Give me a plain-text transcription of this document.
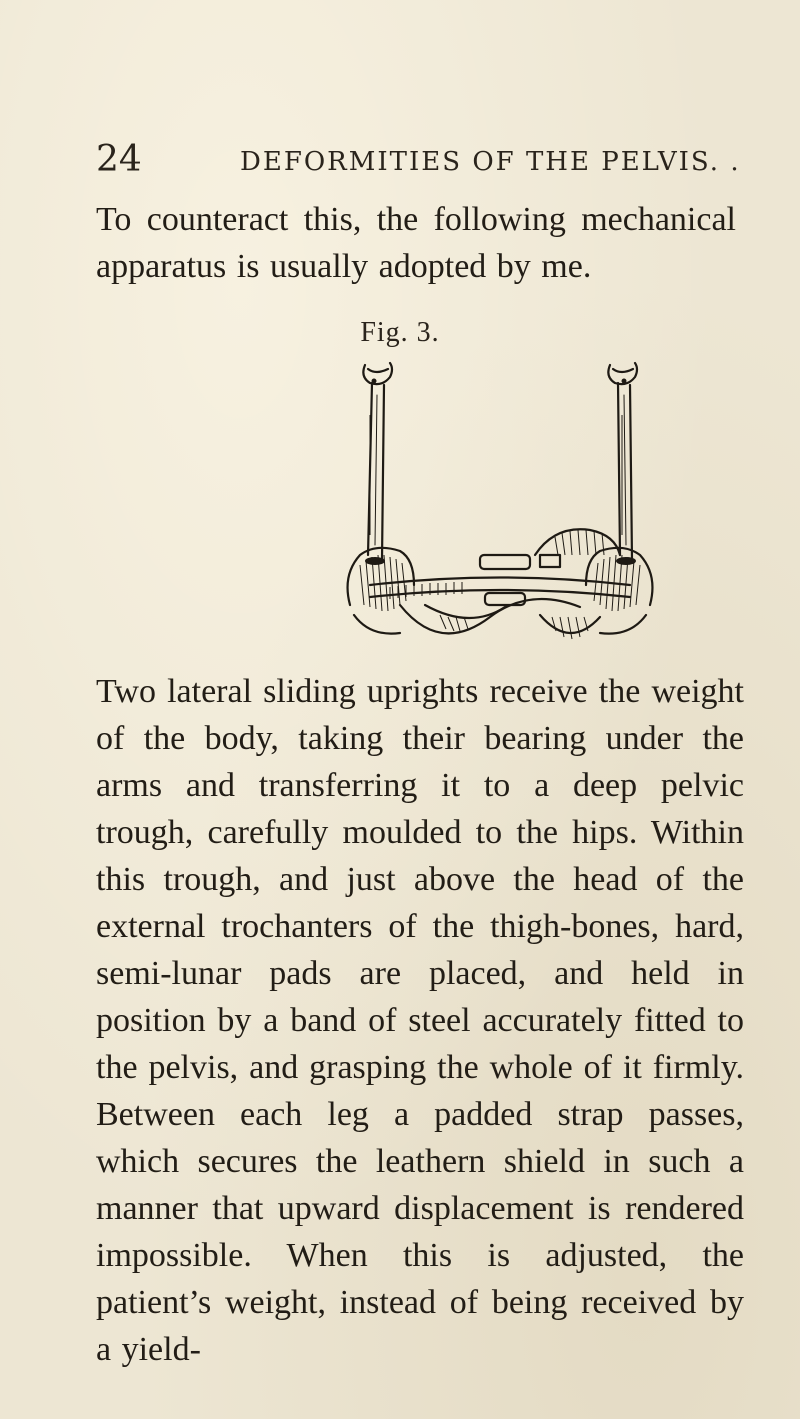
24	DEFORMITIES OF THE PELVIS. .

To counteract this, the following mechanical apparatus is usually adopted by me.

Fig. 3.

Two lateral sliding uprights receive the weight of the body, taking their bearing under the arms and transferring it to a deep pelvic trough, carefully moulded to the hips. Within this trough, and just above the head of the external trochanters of the thigh-bones, hard, semi-lunar pads are placed, and held in position by a band of steel accurately fitted to the pelvis, and grasping the whole of it firmly. Between each leg a padded strap passes, which secures the leathern shield in such a manner that upward displacement is rendered impossible. When this is adjusted, the patient’s weight, instead of being received by a yield-
